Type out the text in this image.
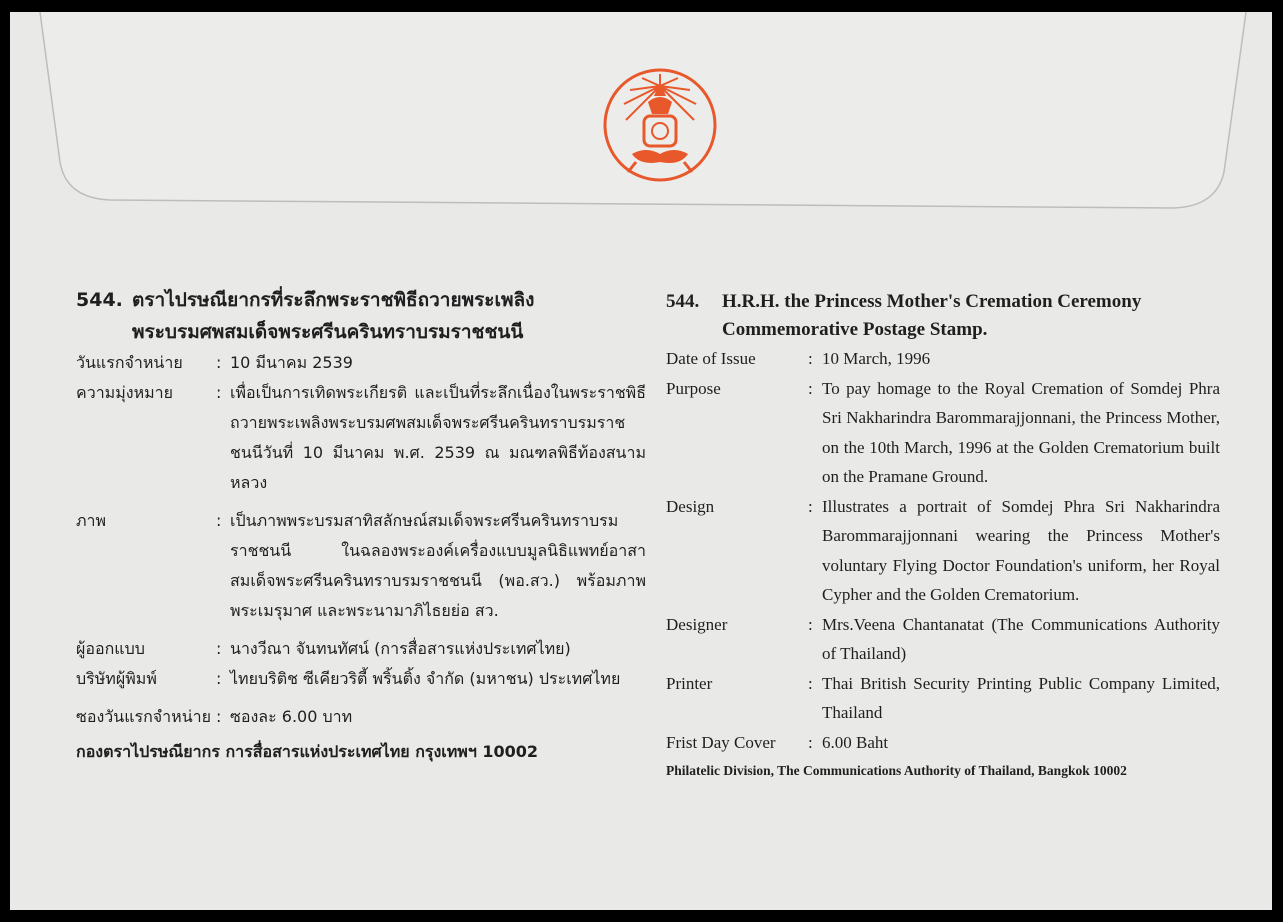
544. ตราไปรษณียากรที่ระลึกพระราชพิธีถวายพระเพลิง
พระบรมศพสมเด็จพระศรีนครินทราบรมราชชนนี
วันแรกจำหน่าย	: 10 มีนาคม 2539
ความมุ่งหมาย	: เพื่อเป็นการเทิดพระเกียรติ และเป็นที่ระลึกเนื่องในพระราชพิธี ถวายพระเพลิงพระบรมศพสมเด็จพระศรีนครินทราบรมราชชนนีวันที่ 10 มีนาคม พ.ศ. 2539 ณ มณฑลพิธีท้องสนามหลวง
ภาพ	: เป็นภาพพระบรมสาทิสลักษณ์สมเด็จพระศรีนครินทราบรมราชชนนี ในฉลองพระองค์เครื่องแบบมูลนิธิแพทย์อาสาสมเด็จพระศรีนครินทราบรมราชชนนี (พอ.สว.) พร้อมภาพพระเมรุมาศ และพระนามาภิไธยย่อ สว.
ผู้ออกแบบ	: นางวีณา จันทนทัศน์ (การสื่อสารแห่งประเทศไทย)
บริษัทผู้พิมพ์	: ไทยบริติช ซีเคียวริตี้ พริ้นติ้ง จำกัด (มหาชน) ประเทศไทย
ซองวันแรกจำหน่าย : ซองละ 6.00 บาท
กองตราไปรษณียากร การสื่อสารแห่งประเทศไทย กรุงเทพฯ 10002
544. H.R.H. the Princess Mother's Cremation Ceremony
Commemorative Postage Stamp.
Date of Issue	: 10 March, 1996
Purpose	: To pay homage to the Royal Cremation of Somdej Phra Sri Nakharindra Barommarajjonnani, the Princess Mother, on the 10th March, 1996 at the Golden Crematorium built on the Pramane Ground.
Design	: Illustrates a portrait of Somdej Phra Sri Nakharindra Barommarajjonnani wearing the Princess Mother's voluntary Flying Doctor Foundation's uniform, her Royal Cypher and the Golden Crematorium.
Designer	: Mrs.Veena Chantanatat (The Communications Authority of Thailand)
Printer	: Thai British Security Printing Public Company Limited, Thailand
Frist Day Cover	: 6.00 Baht
Philatelic Division, The Communications Authority of Thailand, Bangkok 10002
